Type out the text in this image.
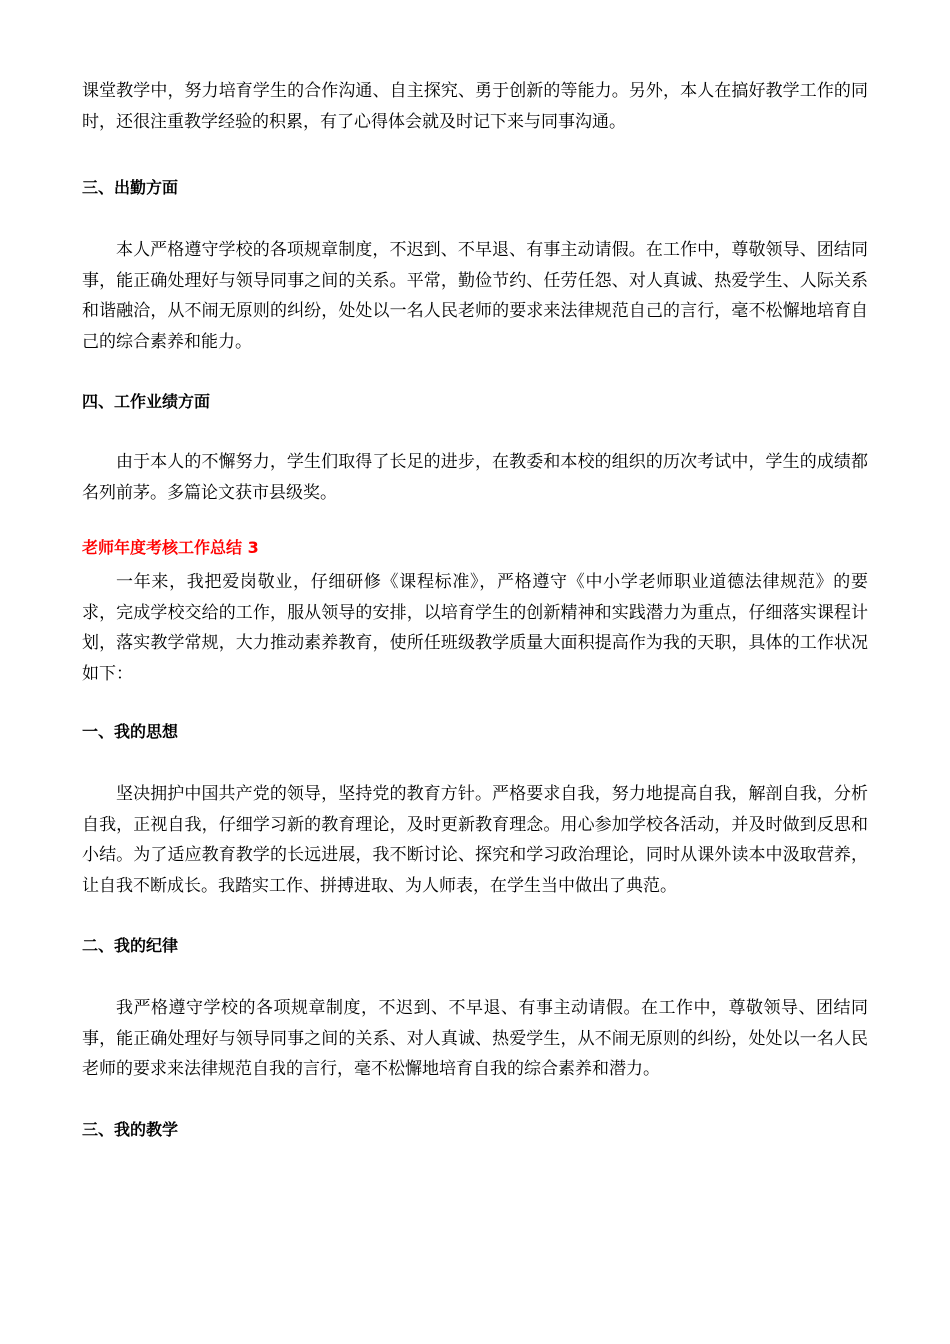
课堂教学中，努力培育学生的合作沟通、自主探究、勇于创新的等能力。另外，本人在搞好教学工作的同时，还很注重教学经验的积累，有了心得体会就及时记下来与同事沟通。

三、出勤方面

本人严格遵守学校的各项规章制度，不迟到、不早退、有事主动请假。在工作中，尊敬领导、团结同事，能正确处理好与领导同事之间的关系。平常，勤俭节约、任劳任怨、对人真诚、热爱学生、人际关系和谐融洽，从不闹无原则的纠纷，处处以一名人民老师的要求来法律规范自己的言行，毫不松懈地培育自己的综合素养和能力。

四、工作业绩方面

由于本人的不懈努力，学生们取得了长足的进步，在教委和本校的组织的历次考试中，学生的成绩都名列前茅。多篇论文获市县级奖。

老师年度考核工作总结 3

一年来，我把爱岗敬业，仔细研修《课程标准》，严格遵守《中小学老师职业道德法律规范》的要求，完成学校交给的工作，服从领导的安排，以培育学生的创新精神和实践潜力为重点，仔细落实课程计划，落实教学常规，大力推动素养教育，使所任班级教学质量大面积提高作为我的天职，具体的工作状况如下：

一、我的思想

坚决拥护中国共产党的领导，坚持党的教育方针。严格要求自我，努力地提高自我，解剖自我，分析自我，正视自我，仔细学习新的教育理论，及时更新教育理念。用心参加学校各活动，并及时做到反思和小结。为了适应教育教学的长远进展，我不断讨论、探究和学习政治理论，同时从课外读本中汲取营养，让自我不断成长。我踏实工作、拼搏进取、为人师表，在学生当中做出了典范。

二、我的纪律

我严格遵守学校的各项规章制度，不迟到、不早退、有事主动请假。在工作中，尊敬领导、团结同事，能正确处理好与领导同事之间的关系、对人真诚、热爱学生，从不闹无原则的纠纷，处处以一名人民老师的要求来法律规范自我的言行，毫不松懈地培育自我的综合素养和潜力。

三、我的教学
